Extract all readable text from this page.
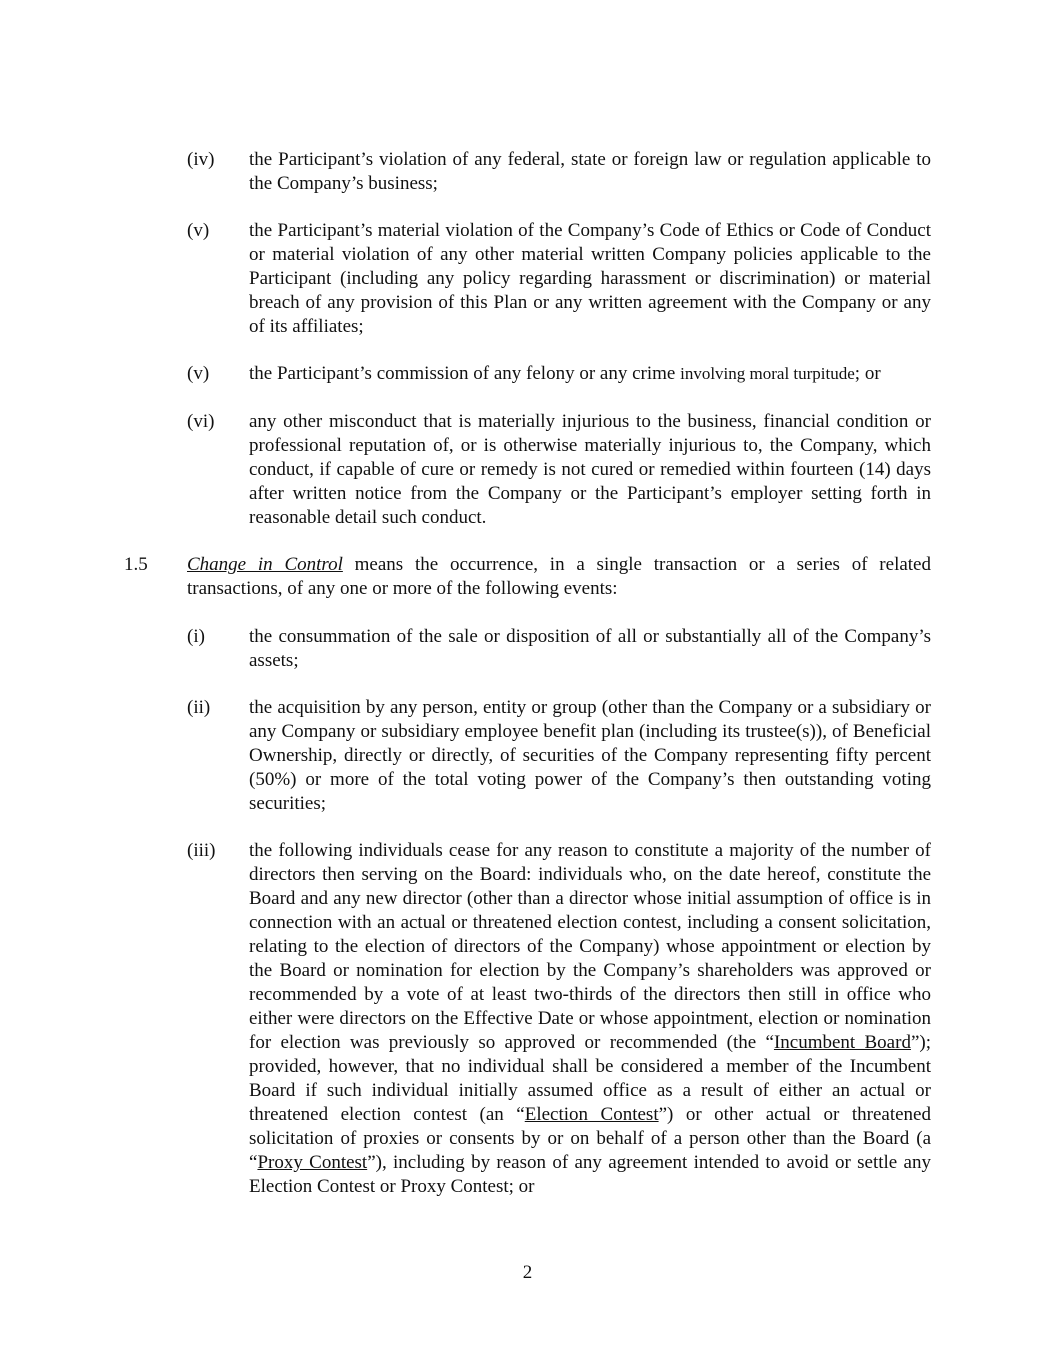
(iv)	the Participant’s violation of any federal, state or foreign law or regulation applicable to the Company’s business;
(v)	the Participant’s material violation of the Company’s Code of Ethics or Code of Conduct or material violation of any other material written Company policies applicable to the Participant (including any policy regarding harassment or discrimination) or material breach of any provision of this Plan or any written agreement with the Company or any of its affiliates;
(v)	the Participant’s commission of any felony or any crime involving moral turpitude; or
(vi)	any other misconduct that is materially injurious to the business, financial condition or professional reputation of, or is otherwise materially injurious to, the Company, which conduct, if capable of cure or remedy is not cured or remedied within fourteen (14) days after written notice from the Company or the Participant’s employer setting forth in reasonable detail such conduct.
1.5	Change in Control means the occurrence, in a single transaction or a series of related transactions, of any one or more of the following events:
(i)	the consummation of the sale or disposition of all or substantially all of the Company’s assets;
(ii)	the acquisition by any person, entity or group (other than the Company or a subsidiary or any Company or subsidiary employee benefit plan (including its trustee(s)), of Beneficial Ownership, directly or directly, of securities of the Company representing fifty percent (50%) or more of the total voting power of the Company’s then outstanding voting securities;
(iii)	the following individuals cease for any reason to constitute a majority of the number of directors then serving on the Board: individuals who, on the date hereof, constitute the Board and any new director (other than a director whose initial assumption of office is in connection with an actual or threatened election contest, including a consent solicitation, relating to the election of directors of the Company) whose appointment or election by the Board or nomination for election by the Company’s shareholders was approved or recommended by a vote of at least two-thirds of the directors then still in office who either were directors on the Effective Date or whose appointment, election or nomination for election was previously so approved or recommended (the “Incumbent Board”); provided, however, that no individual shall be considered a member of the Incumbent Board if such individual initially assumed office as a result of either an actual or threatened election contest (an “Election Contest”) or other actual or threatened solicitation of proxies or consents by or on behalf of a person other than the Board (a “Proxy Contest”), including by reason of any agreement intended to avoid or settle any Election Contest or Proxy Contest; or
2
